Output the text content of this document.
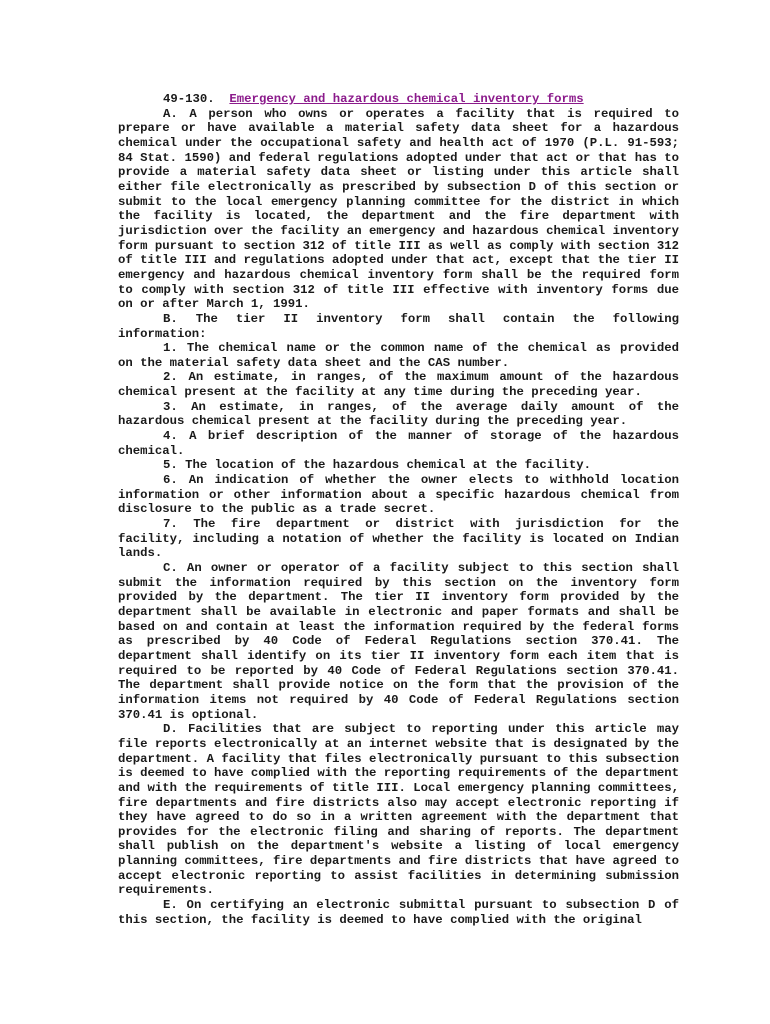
49-130. Emergency and hazardous chemical inventory forms

A. A person who owns or operates a facility that is required to prepare or have available a material safety data sheet for a hazardous chemical under the occupational safety and health act of 1970 (P.L. 91-593; 84 Stat. 1590) and federal regulations adopted under that act or that has to provide a material safety data sheet or listing under this article shall either file electronically as prescribed by subsection D of this section or submit to the local emergency planning committee for the district in which the facility is located, the department and the fire department with jurisdiction over the facility an emergency and hazardous chemical inventory form pursuant to section 312 of title III as well as comply with section 312 of title III and regulations adopted under that act, except that the tier II emergency and hazardous chemical inventory form shall be the required form to comply with section 312 of title III effective with inventory forms due on or after March 1, 1991.

B. The tier II inventory form shall contain the following information:

1. The chemical name or the common name of the chemical as provided on the material safety data sheet and the CAS number.

2. An estimate, in ranges, of the maximum amount of the hazardous chemical present at the facility at any time during the preceding year.

3. An estimate, in ranges, of the average daily amount of the hazardous chemical present at the facility during the preceding year.

4. A brief description of the manner of storage of the hazardous chemical.

5. The location of the hazardous chemical at the facility.

6. An indication of whether the owner elects to withhold location information or other information about a specific hazardous chemical from disclosure to the public as a trade secret.

7. The fire department or district with jurisdiction for the facility, including a notation of whether the facility is located on Indian lands.

C. An owner or operator of a facility subject to this section shall submit the information required by this section on the inventory form provided by the department. The tier II inventory form provided by the department shall be available in electronic and paper formats and shall be based on and contain at least the information required by the federal forms as prescribed by 40 Code of Federal Regulations section 370.41. The department shall identify on its tier II inventory form each item that is required to be reported by 40 Code of Federal Regulations section 370.41. The department shall provide notice on the form that the provision of the information items not required by 40 Code of Federal Regulations section 370.41 is optional.

D. Facilities that are subject to reporting under this article may file reports electronically at an internet website that is designated by the department. A facility that files electronically pursuant to this subsection is deemed to have complied with the reporting requirements of the department and with the requirements of title III. Local emergency planning committees, fire departments and fire districts also may accept electronic reporting if they have agreed to do so in a written agreement with the department that provides for the electronic filing and sharing of reports. The department shall publish on the department's website a listing of local emergency planning committees, fire departments and fire districts that have agreed to accept electronic reporting to assist facilities in determining submission requirements.

E. On certifying an electronic submittal pursuant to subsection D of this section, the facility is deemed to have complied with the original
